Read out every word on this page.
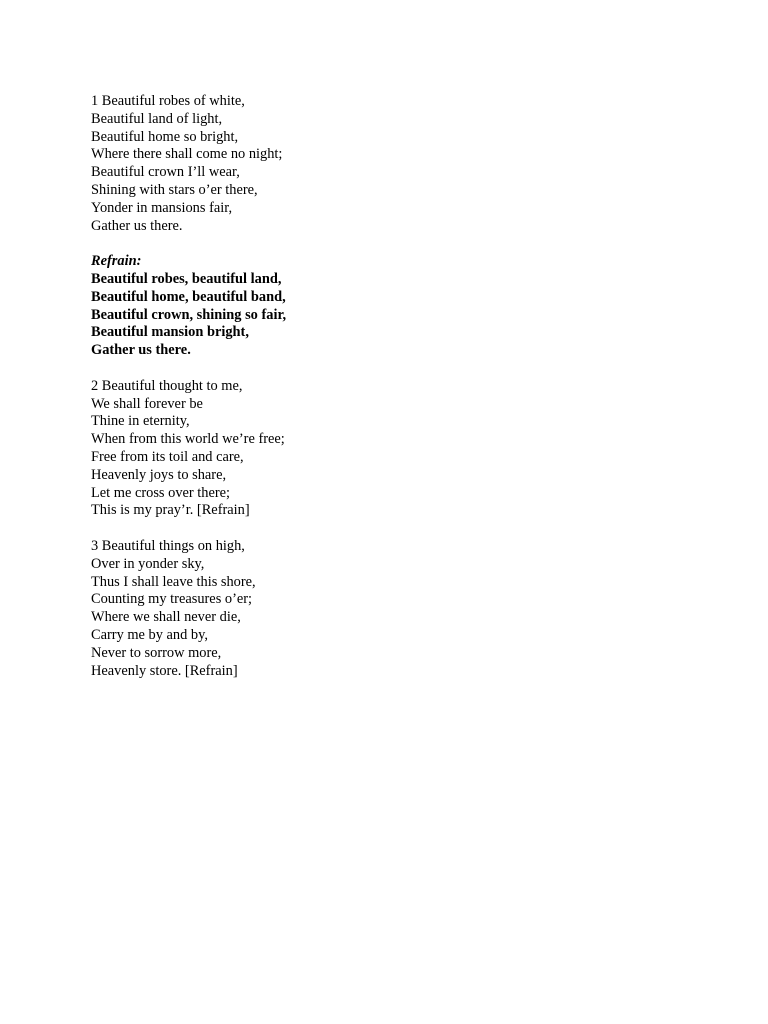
1 Beautiful robes of white,
Beautiful land of light,
Beautiful home so bright,
Where there shall come no night;
Beautiful crown I’ll wear,
Shining with stars o’er there,
Yonder in mansions fair,
Gather us there.
Refrain:
Beautiful robes, beautiful land,
Beautiful home, beautiful band,
Beautiful crown, shining so fair,
Beautiful mansion bright,
Gather us there.
2 Beautiful thought to me,
We shall forever be
Thine in eternity,
When from this world we’re free;
Free from its toil and care,
Heavenly joys to share,
Let me cross over there;
This is my pray’r. [Refrain]
3 Beautiful things on high,
Over in yonder sky,
Thus I shall leave this shore,
Counting my treasures o’er;
Where we shall never die,
Carry me by and by,
Never to sorrow more,
Heavenly store. [Refrain]
